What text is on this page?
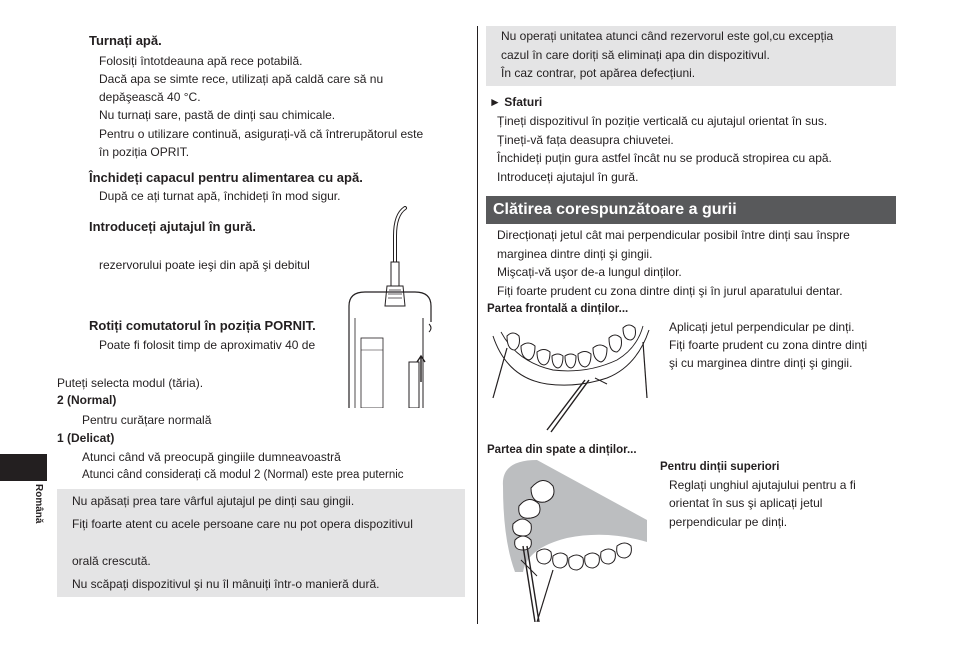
Turnați apă.
Folosiți întotdeauna apă rece potabilă.
Dacă apa se simte rece, utilizați apă caldă care să nu
depăşească 40 °C.
Nu turnați sare, pastă de dinți sau chimicale.
Pentru o utilizare continuă, asigurați-vă că întrerupătorul este
în poziția OPRIT.
Închideți capacul pentru alimentarea cu apă.
După ce ați turnat apă, închideți în mod sigur.
Introduceți ajutajul în gură.
rezervorului poate ieşi din apă şi debitul
Rotiți comutatorul în poziția PORNIT.
Poate fi folosit timp de aproximativ 40 de
Puteți selecta modul (tăria).
2 (Normal)
Pentru curățare normală
1 (Delicat)
Atunci când vă preocupă gingiile dumneavoastră
Atunci când considerați că modul 2 (Normal) este prea puternic
Nu apăsați prea tare vârful ajutajul pe dinți sau gingii.
Fiți foarte atent cu acele persoane care nu pot opera dispozitivul
orală crescută.
Nu scăpați dispozitivul şi nu îl mânuiți într-o manieră dură.
Română
Nu operați unitatea atunci când rezervorul este gol,cu excepția
cazul în care doriți să eliminați apa din dispozitivul.
În caz contrar, pot apărea defecțiuni.
► Sfaturi
Țineți dispozitivul în poziție verticală cu ajutajul orientat în sus.
Țineți-vă fața deasupra chiuvetei.
Închideți puțin gura astfel încât nu se producă stropirea cu apă.
Introduceți ajutajul în gură.
Clătirea corespunzătoare a gurii
Direcționați jetul cât mai perpendicular posibil între dinți sau înspre
marginea dintre dinți şi gingii.
Mişcați-vă uşor de-a lungul dinților.
Fiți foarte prudent cu zona dintre dinți şi în jurul aparatului dentar.
Partea frontală a dinților...
Aplicați jetul perpendicular pe dinți.
Fiți foarte prudent cu zona dintre dinți
şi cu marginea dintre dinți şi gingii.
Partea din spate a dinților...
Pentru dinții superiori
Reglați unghiul ajutajului pentru a fi
orientat în sus şi aplicați jetul
perpendicular pe dinți.
